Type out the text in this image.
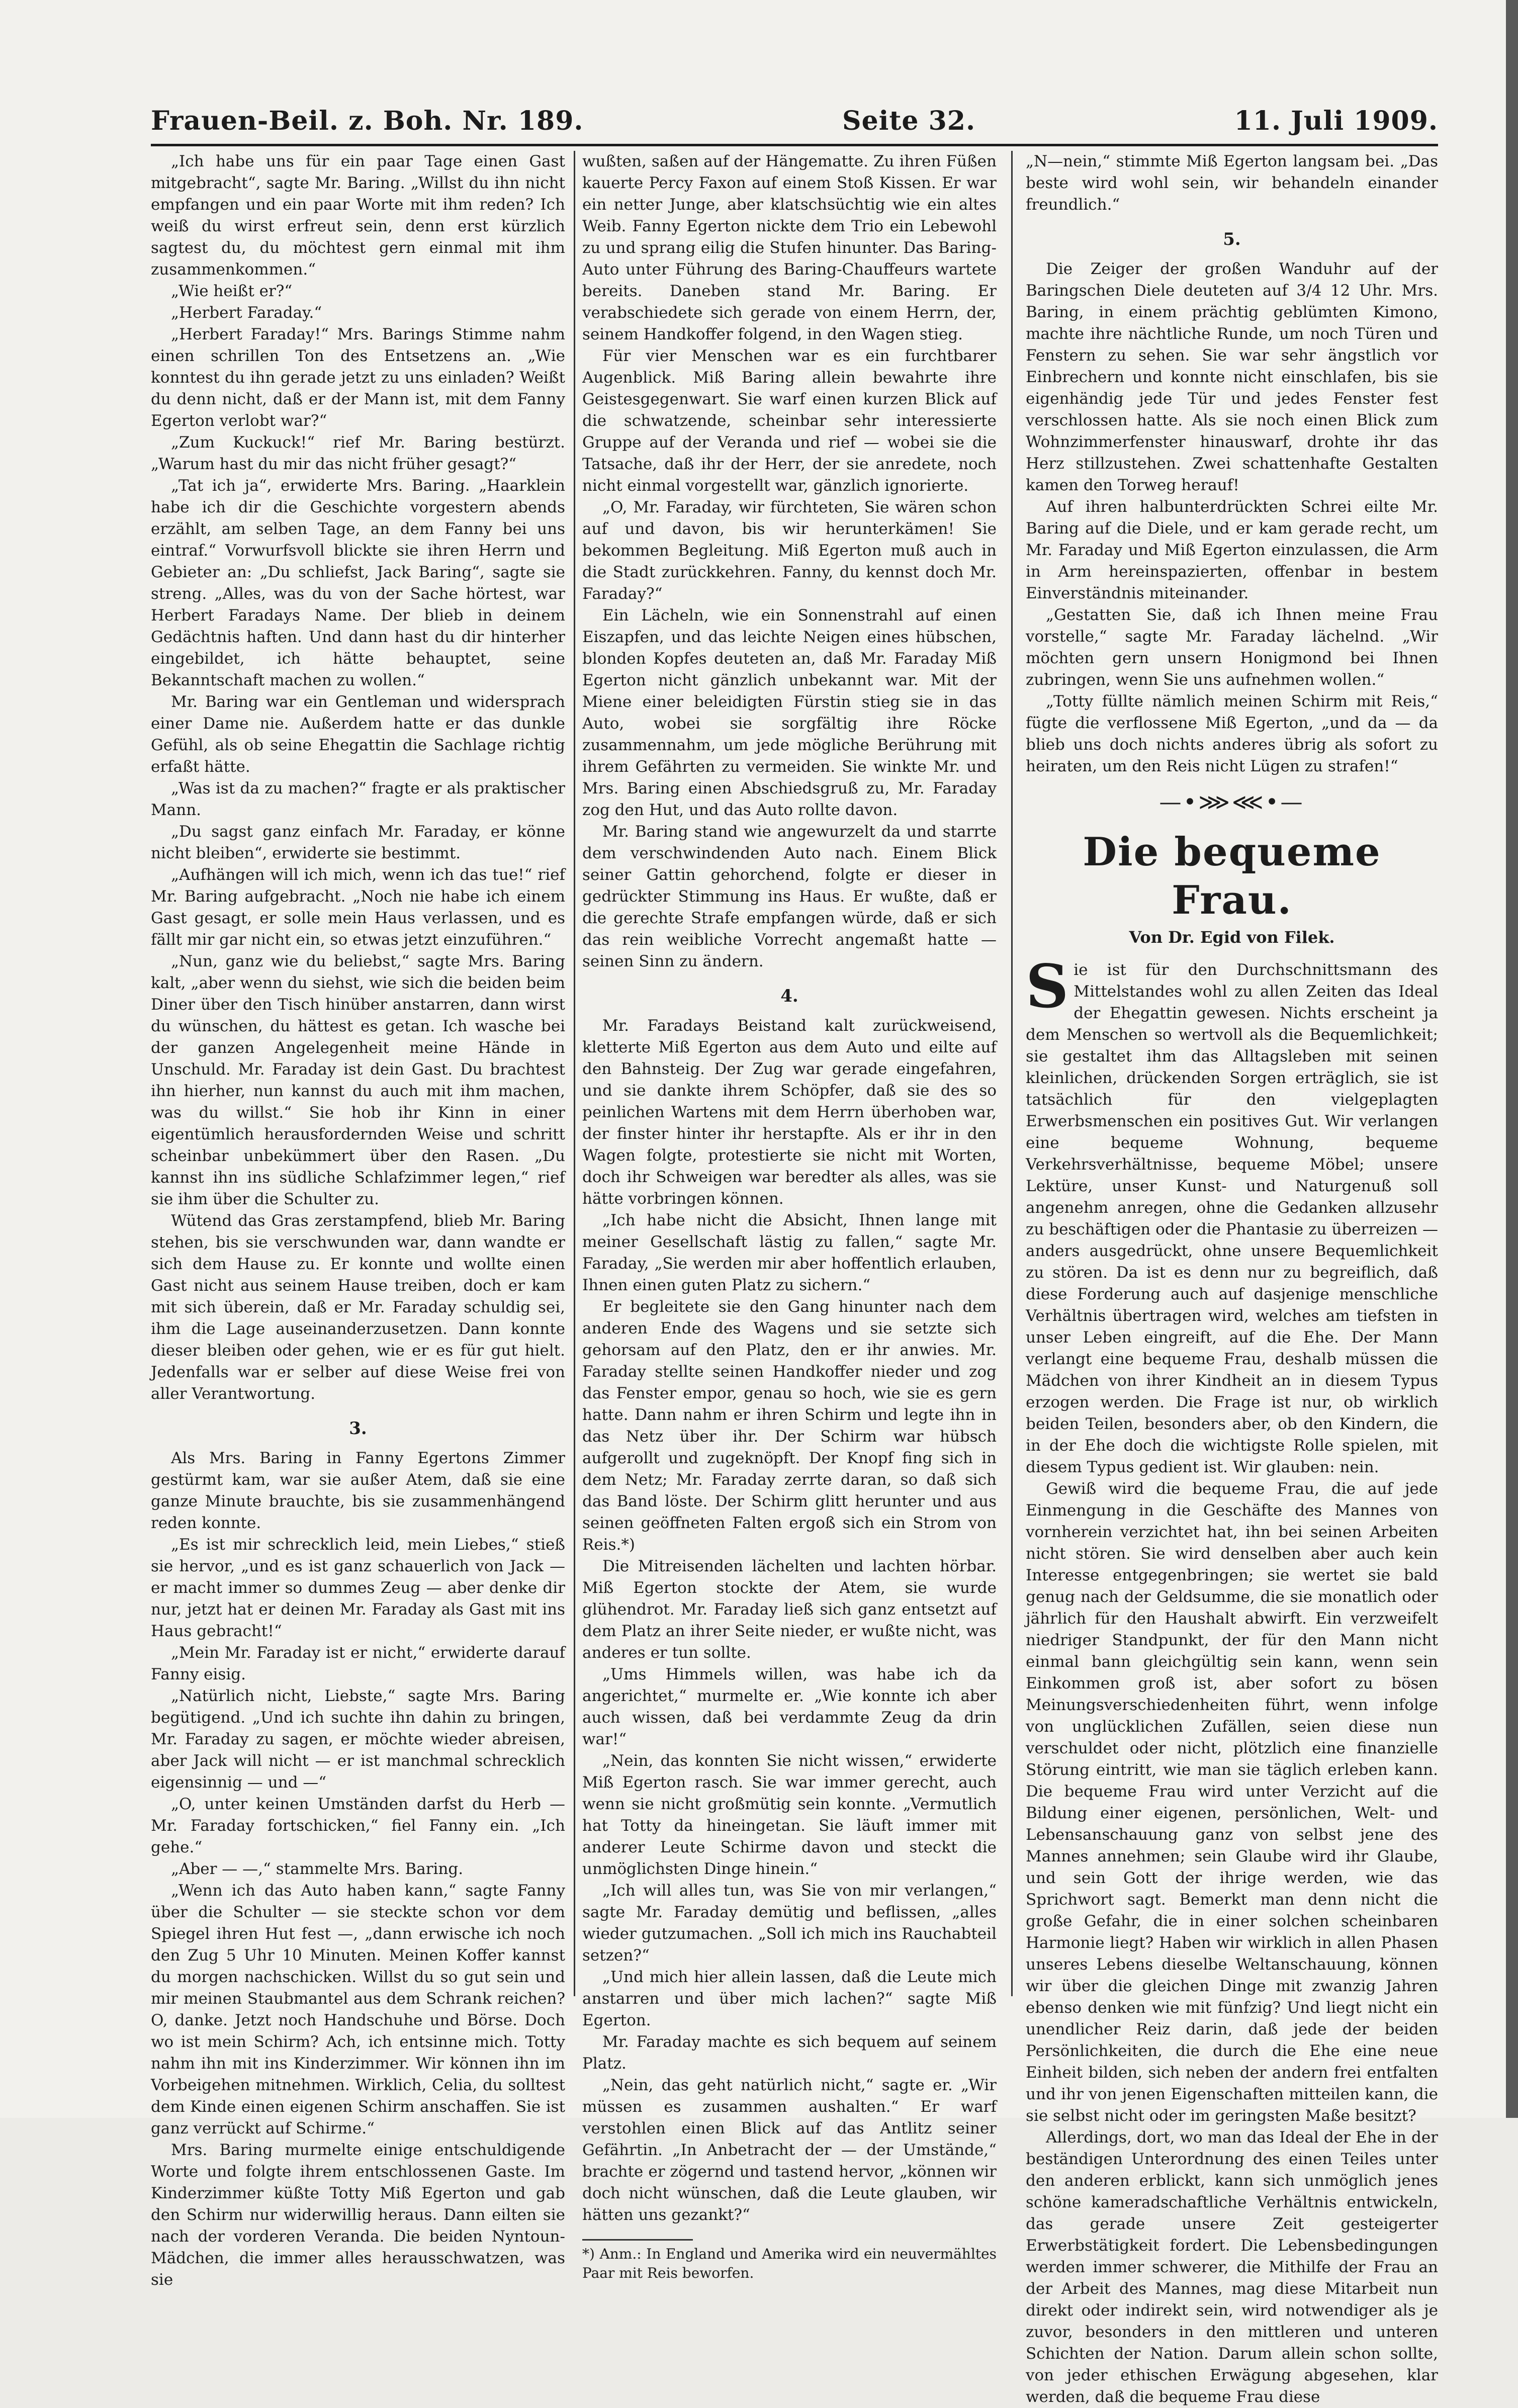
Frauen-Beil. z. Boh. Nr. 189.	Seite 32.	11. Juli 1909.

„Ich habe uns für ein paar Tage einen Gast mitgebracht“, sagte Mr. Baring. „Willst du ihn nicht empfangen und ein paar Worte mit ihm reden? Ich weiß du wirst erfreut sein, denn erst kürzlich sagtest du, du möchtest gern einmal mit ihm zusammenkommen.“

„Wie heißt er?“

„Herbert Faraday.“

„Herbert Faraday!“ Mrs. Barings Stimme nahm einen schrillen Ton des Entsetzens an. „Wie konntest du ihn gerade jetzt zu uns einladen? Weißt du denn nicht, daß er der Mann ist, mit dem Fanny Egerton verlobt war?“

„Zum Kuckuck!“ rief Mr. Baring bestürzt. „Warum hast du mir das nicht früher gesagt?“

„Tat ich ja“, erwiderte Mrs. Baring. „Haarklein habe ich dir die Geschichte vorgestern abends erzählt, am selben Tage, an dem Fanny bei uns eintraf.“ Vorwurfsvoll blickte sie ihren Herrn und Gebieter an: „Du schliefst, Jack Baring“, sagte sie streng. „Alles, was du von der Sache hörtest, war Herbert Faradays Name. Der blieb in deinem Gedächtnis haften. Und dann hast du dir hinterher eingebildet, ich hätte behauptet, seine Bekanntschaft machen zu wollen.“

Mr. Baring war ein Gentleman und widersprach einer Dame nie. Außerdem hatte er das dunkle Gefühl, als ob seine Ehegattin die Sachlage richtig erfaßt hätte.

„Was ist da zu machen?“ fragte er als praktischer Mann.

„Du sagst ganz einfach Mr. Faraday, er könne nicht bleiben“, erwiderte sie bestimmt.

„Aufhängen will ich mich, wenn ich das tue!“ rief Mr. Baring aufgebracht. „Noch nie habe ich einem Gast gesagt, er solle mein Haus verlassen, und es fällt mir gar nicht ein, so etwas jetzt einzuführen.“

„Nun, ganz wie du beliebst,“ sagte Mrs. Baring kalt, „aber wenn du siehst, wie sich die beiden beim Diner über den Tisch hinüber anstarren, dann wirst du wünschen, du hättest es getan. Ich wasche bei der ganzen Angelegenheit meine Hände in Unschuld. Mr. Faraday ist dein Gast. Du brachtest ihn hierher, nun kannst du auch mit ihm machen, was du willst.“ Sie hob ihr Kinn in einer eigentümlich herausfordernden Weise und schritt scheinbar unbekümmert über den Rasen. „Du kannst ihn ins südliche Schlafzimmer legen,“ rief sie ihm über die Schulter zu.

Wütend das Gras zerstampfend, blieb Mr. Baring stehen, bis sie verschwunden war, dann wandte er sich dem Hause zu. Er konnte und wollte einen Gast nicht aus seinem Hause treiben, doch er kam mit sich überein, daß er Mr. Faraday schuldig sei, ihm die Lage auseinanderzusetzen. Dann konnte dieser bleiben oder gehen, wie er es für gut hielt. Jedenfalls war er selber auf diese Weise frei von aller Verantwortung.

3.

Als Mrs. Baring in Fanny Egertons Zimmer gestürmt kam, war sie außer Atem, daß sie eine ganze Minute brauchte, bis sie zusammenhängend reden konnte.

„Es ist mir schrecklich leid, mein Liebes,“ stieß sie hervor, „und es ist ganz schauerlich von Jack — er macht immer so dummes Zeug — aber denke dir nur, jetzt hat er deinen Mr. Faraday als Gast mit ins Haus gebracht!“

„Mein Mr. Faraday ist er nicht,“ erwiderte darauf Fanny eisig.

„Natürlich nicht, Liebste,“ sagte Mrs. Baring begütigend. „Und ich suchte ihn dahin zu bringen, Mr. Faraday zu sagen, er möchte wieder abreisen, aber Jack will nicht — er ist manchmal schrecklich eigensinnig — und —“

„O, unter keinen Umständen darfst du Herb — Mr. Faraday fortschicken,“ fiel Fanny ein. „Ich gehe.“

„Aber — —,“ stammelte Mrs. Baring.

„Wenn ich das Auto haben kann,“ sagte Fanny über die Schulter — sie steckte schon vor dem Spiegel ihren Hut fest —, „dann erwische ich noch den Zug 5 Uhr 10 Minuten. Meinen Koffer kannst du morgen nachschicken. Willst du so gut sein und mir meinen Staubmantel aus dem Schrank reichen? O, danke. Jetzt noch Handschuhe und Börse. Doch wo ist mein Schirm? Ach, ich entsinne mich. Totty nahm ihn mit ins Kinderzimmer. Wir können ihn im Vorbeigehen mitnehmen. Wirklich, Celia, du solltest dem Kinde einen eigenen Schirm anschaffen. Sie ist ganz verrückt auf Schirme.“

Mrs. Baring murmelte einige entschuldigende Worte und folgte ihrem entschlossenen Gaste. Im Kinderzimmer küßte Totty Miß Egerton und gab den Schirm nur widerwillig heraus. Dann eilten sie nach der vorderen Veranda. Die beiden Nyntoun-Mädchen, die immer alles herausschwatzen, was sie

wußten, saßen auf der Hängematte. Zu ihren Füßen kauerte Percy Faxon auf einem Stoß Kissen. Er war ein netter Junge, aber klatschsüchtig wie ein altes Weib. Fanny Egerton nickte dem Trio ein Lebewohl zu und sprang eilig die Stufen hinunter. Das Baring-Auto unter Führung des Baring-Chauffeurs wartete bereits. Daneben stand Mr. Baring. Er verabschiedete sich gerade von einem Herrn, der, seinem Handkoffer folgend, in den Wagen stieg.

Für vier Menschen war es ein furchtbarer Augenblick. Miß Baring allein bewahrte ihre Geistesgegenwart. Sie warf einen kurzen Blick auf die schwatzende, scheinbar sehr interessierte Gruppe auf der Veranda und rief — wobei sie die Tatsache, daß ihr der Herr, der sie anredete, noch nicht einmal vorgestellt war, gänzlich ignorierte.

„O, Mr. Faraday, wir fürchteten, Sie wären schon auf und davon, bis wir herunterkämen! Sie bekommen Begleitung. Miß Egerton muß auch in die Stadt zurückkehren. Fanny, du kennst doch Mr. Faraday?“

Ein Lächeln, wie ein Sonnenstrahl auf einen Eiszapfen, und das leichte Neigen eines hübschen, blonden Kopfes deuteten an, daß Mr. Faraday Miß Egerton nicht gänzlich unbekannt war. Mit der Miene einer beleidigten Fürstin stieg sie in das Auto, wobei sie sorgfältig ihre Röcke zusammennahm, um jede mögliche Berührung mit ihrem Gefährten zu vermeiden. Sie winkte Mr. und Mrs. Baring einen Abschiedsgruß zu, Mr. Faraday zog den Hut, und das Auto rollte davon.

Mr. Baring stand wie angewurzelt da und starrte dem verschwindenden Auto nach. Einem Blick seiner Gattin gehorchend, folgte er dieser in gedrückter Stimmung ins Haus. Er wußte, daß er die gerechte Strafe empfangen würde, daß er sich das rein weibliche Vorrecht angemaßt hatte — seinen Sinn zu ändern.

4.

Mr. Faradays Beistand kalt zurückweisend, kletterte Miß Egerton aus dem Auto und eilte auf den Bahnsteig. Der Zug war gerade eingefahren, und sie dankte ihrem Schöpfer, daß sie des so peinlichen Wartens mit dem Herrn überhoben war, der finster hinter ihr herstapfte. Als er ihr in den Wagen folgte, protestierte sie nicht mit Worten, doch ihr Schweigen war beredter als alles, was sie hätte vorbringen können.

„Ich habe nicht die Absicht, Ihnen lange mit meiner Gesellschaft lästig zu fallen,“ sagte Mr. Faraday, „Sie werden mir aber hoffentlich erlauben, Ihnen einen guten Platz zu sichern.“

Er begleitete sie den Gang hinunter nach dem anderen Ende des Wagens und sie setzte sich gehorsam auf den Platz, den er ihr anwies. Mr. Faraday stellte seinen Handkoffer nieder und zog das Fenster empor, genau so hoch, wie sie es gern hatte. Dann nahm er ihren Schirm und legte ihn in das Netz über ihr. Der Schirm war hübsch aufgerollt und zugeknöpft. Der Knopf fing sich in dem Netz; Mr. Faraday zerrte daran, so daß sich das Band löste. Der Schirm glitt herunter und aus seinen geöffneten Falten ergoß sich ein Strom von Reis.*)

Die Mitreisenden lächelten und lachten hörbar. Miß Egerton stockte der Atem, sie wurde glühendrot. Mr. Faraday ließ sich ganz entsetzt auf dem Platz an ihrer Seite nieder, er wußte nicht, was anderes er tun sollte.

„Ums Himmels willen, was habe ich da angerichtet,“ murmelte er. „Wie konnte ich aber auch wissen, daß bei verdammte Zeug da drin war!“

„Nein, das konnten Sie nicht wissen,“ erwiderte Miß Egerton rasch. Sie war immer gerecht, auch wenn sie nicht großmütig sein konnte. „Vermutlich hat Totty da hineingetan. Sie läuft immer mit anderer Leute Schirme davon und steckt die unmöglichsten Dinge hinein.“

„Ich will alles tun, was Sie von mir verlangen,“ sagte Mr. Faraday demütig und beflissen, „alles wieder gutzumachen. „Soll ich mich ins Rauchabteil setzen?“

„Und mich hier allein lassen, daß die Leute mich anstarren und über mich lachen?“ sagte Miß Egerton.

Mr. Faraday machte es sich bequem auf seinem Platz.

„Nein, das geht natürlich nicht,“ sagte er. „Wir müssen es zusammen aushalten.“ Er warf verstohlen einen Blick auf das Antlitz seiner Gefährtin. „In Anbetracht der — der Umstände,“ brachte er zögernd und tastend hervor, „können wir doch nicht wünschen, daß die Leute glauben, wir hätten uns gezankt?“

*) Anm.: In England und Amerika wird ein neuvermähltes Paar mit Reis beworfen.

„N—nein,“ stimmte Miß Egerton langsam bei. „Das beste wird wohl sein, wir behandeln einander freundlich.“

5.

Die Zeiger der großen Wanduhr auf der Baringschen Diele deuteten auf 3/4 12 Uhr. Mrs. Baring, in einem prächtig geblümten Kimono, machte ihre nächtliche Runde, um noch Türen und Fenstern zu sehen. Sie war sehr ängstlich vor Einbrechern und konnte nicht einschlafen, bis sie eigenhändig jede Tür und jedes Fenster fest verschlossen hatte. Als sie noch einen Blick zum Wohnzimmerfenster hinauswarf, drohte ihr das Herz stillzustehen. Zwei schattenhafte Gestalten kamen den Torweg herauf!

Auf ihren halbunterdrückten Schrei eilte Mr. Baring auf die Diele, und er kam gerade recht, um Mr. Faraday und Miß Egerton einzulassen, die Arm in Arm hereinspazierten, offenbar in bestem Einverständnis miteinander.

„Gestatten Sie, daß ich Ihnen meine Frau vorstelle,“ sagte Mr. Faraday lächelnd. „Wir möchten gern unsern Honigmond bei Ihnen zubringen, wenn Sie uns aufnehmen wollen.“

„Totty füllte nämlich meinen Schirm mit Reis,“ fügte die verflossene Miß Egerton, „und da — da blieb uns doch nichts anderes übrig als sofort zu heiraten, um den Reis nicht Lügen zu strafen!“

—•⋙⋘•—
Die bequeme Frau.
Von Dr. Egid von Filek.

Sie ist für den Durchschnittsmann des Mittelstandes wohl zu allen Zeiten das Ideal der Ehegattin gewesen. Nichts erscheint ja dem Menschen so wertvoll als die Bequemlichkeit; sie gestaltet ihm das Alltagsleben mit seinen kleinlichen, drückenden Sorgen erträglich, sie ist tatsächlich für den vielgeplagten Erwerbsmenschen ein positives Gut. Wir verlangen eine bequeme Wohnung, bequeme Verkehrsverhältnisse, bequeme Möbel; unsere Lektüre, unser Kunst- und Naturgenuß soll angenehm anregen, ohne die Gedanken allzusehr zu beschäftigen oder die Phantasie zu überreizen — anders ausgedrückt, ohne unsere Bequemlichkeit zu stören. Da ist es denn nur zu begreiflich, daß diese Forderung auch auf dasjenige menschliche Verhältnis übertragen wird, welches am tiefsten in unser Leben eingreift, auf die Ehe. Der Mann verlangt eine bequeme Frau, deshalb müssen die Mädchen von ihrer Kindheit an in diesem Typus erzogen werden. Die Frage ist nur, ob wirklich beiden Teilen, besonders aber, ob den Kindern, die in der Ehe doch die wichtigste Rolle spielen, mit diesem Typus gedient ist. Wir glauben: nein.

Gewiß wird die bequeme Frau, die auf jede Einmengung in die Geschäfte des Mannes von vornherein verzichtet hat, ihn bei seinen Arbeiten nicht stören. Sie wird denselben aber auch kein Interesse entgegenbringen; sie wertet sie bald genug nach der Geldsumme, die sie monatlich oder jährlich für den Haushalt abwirft. Ein verzweifelt niedriger Standpunkt, der für den Mann nicht einmal bann gleichgültig sein kann, wenn sein Einkommen groß ist, aber sofort zu bösen Meinungsverschiedenheiten führt, wenn infolge von unglücklichen Zufällen, seien diese nun verschuldet oder nicht, plötzlich eine finanzielle Störung eintritt, wie man sie täglich erleben kann. Die bequeme Frau wird unter Verzicht auf die Bildung einer eigenen, persönlichen, Welt- und Lebensanschauung ganz von selbst jene des Mannes annehmen; sein Glaube wird ihr Glaube, und sein Gott der ihrige werden, wie das Sprichwort sagt. Bemerkt man denn nicht die große Gefahr, die in einer solchen scheinbaren Harmonie liegt? Haben wir wirklich in allen Phasen unseres Lebens dieselbe Weltanschauung, können wir über die gleichen Dinge mit zwanzig Jahren ebenso denken wie mit fünfzig? Und liegt nicht ein unendlicher Reiz darin, daß jede der beiden Persönlichkeiten, die durch die Ehe eine neue Einheit bilden, sich neben der andern frei entfalten und ihr von jenen Eigenschaften mitteilen kann, die sie selbst nicht oder im geringsten Maße besitzt?

Allerdings, dort, wo man das Ideal der Ehe in der beständigen Unterordnung des einen Teiles unter den anderen erblickt, kann sich unmöglich jenes schöne kameradschaftliche Verhältnis entwickeln, das gerade unsere Zeit gesteigerter Erwerbstätigkeit fordert. Die Lebensbedingungen werden immer schwerer, die Mithilfe der Frau an der Arbeit des Mannes, mag diese Mitarbeit nun direkt oder indirekt sein, wird notwendiger als je zuvor, besonders in den mittleren und unteren Schichten der Nation. Darum allein schon sollte, von jeder ethischen Erwägung abgesehen, klar werden, daß die bequeme Frau diese
